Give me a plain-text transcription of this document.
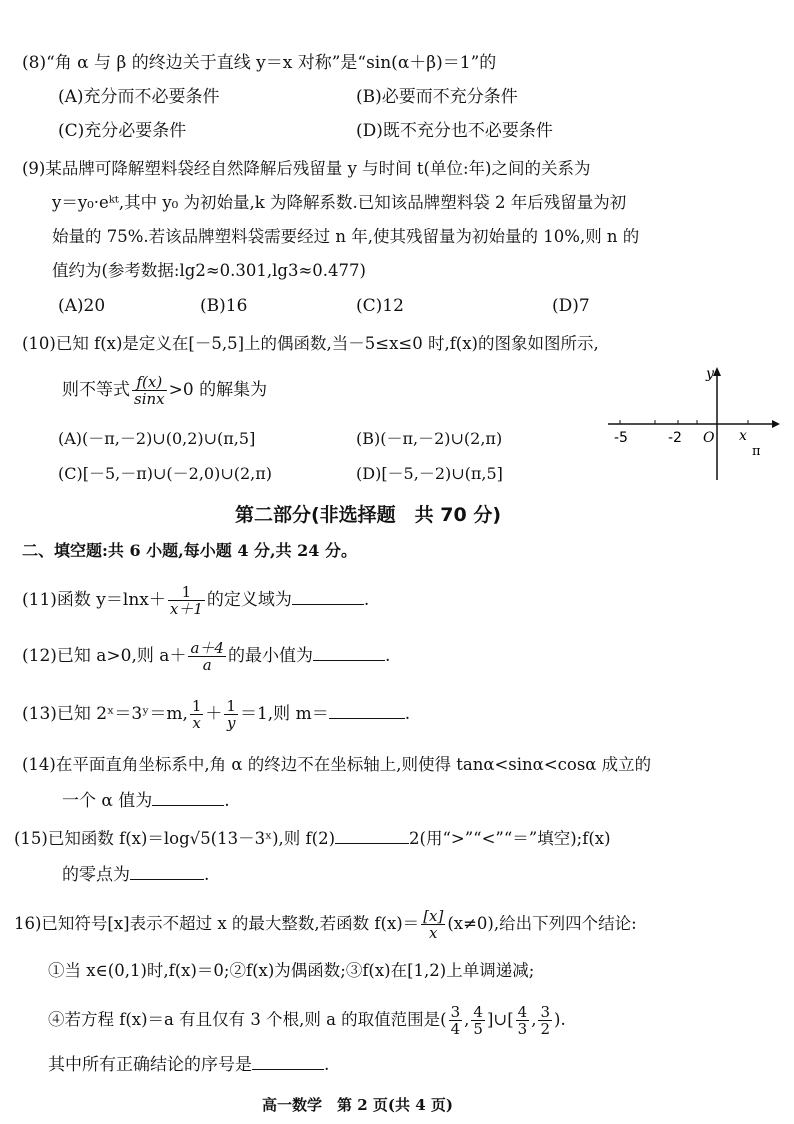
(8)“角 α 与 β 的终边关于直线 y＝x 对称”是“sin(α＋β)＝1”的
(A)充分而不必要条件	(B)必要而不充分条件
(C)充分必要条件	(D)既不充分也不必要条件
(9)某品牌可降解塑料袋经自然降解后残留量 y 与时间 t(单位:年)之间的关系为
y＝y₀·eᵏᵗ,其中 y₀ 为初始量,k 为降解系数.已知该品牌塑料袋 2 年后残留量为初
始量的 75%.若该品牌塑料袋需要经过 n 年,使其残留量为初始量的 10%,则 n 的
值约为(参考数据:lg2≈0.301,lg3≈0.477)
(A)20	(B)16	(C)12	(D)7
(10)已知 f(x)是定义在[－5,5]上的偶函数,当－5≤x≤0 时,f(x)的图象如图所示,
则不等式 $\frac{f(x)}{\sin x} >0$ 的解集为
(A)(－π,－2)∪(0,2)∪(π,5]	(B)(－π,－2)∪(2,π)
(C)[－5,－π)∪(－2,0)∪(2,π)	(D)[－5,－2)∪(π,5]
y
x
-5	-2 O
π
第二部分(非选择题　共 70 分)
二、填空题:共 6 小题,每小题 4 分,共 24 分。
(11)函数 $y=\ln x+ \frac{1}{x+1}$ 的定义域为	.
(12)已知 a>0,则 $a+ \frac{a+4}{a}$ 的最小值为	.
(13)已知 2ˣ＝3ʸ＝m, $\frac{1}{x} + \frac{1}{y} =1$,则 m＝	.
(14)在平面直角坐标系中,角 α 的终边不在坐标轴上,则使得 tanα<sinα<cosα 成立的
一个 α 值为	.
(15)已知函数 f(x)＝log√5(13－3ˣ),则 f(2)	2(用“>”“<”“＝”填空);f(x)
的零点为	.
16)已知符号[x]表示不超过 x 的最大整数,若函数 $f(x)= \frac{[x]}{x} (x\ne 0)$,给出下列四个结论:
①当 x∈(0,1)时,f(x)＝0;②f(x)为偶函数;③f(x)在[1,2)上单调递减;
④若方程 f(x)＝a 有且仅有 3 个根,则 a 的取值范围是( $\frac{3}{4}$ , $\frac{4}{5}$ ]∪[ $\frac{4}{3}$ , $\frac{3}{2}$ ).
其中所有正确结论的序号是	.
高一数学　第 2 页(共 4 页)
